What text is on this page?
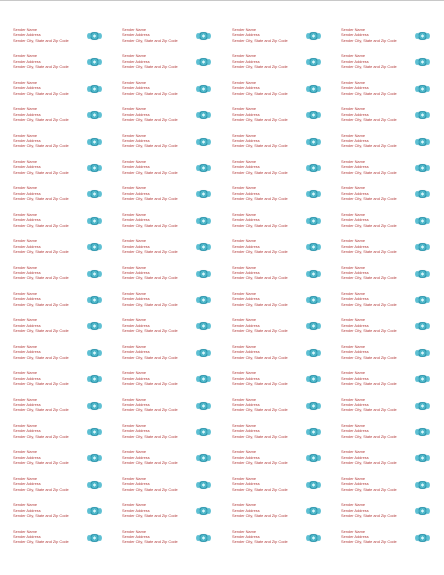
Sender Name
Sender Address
Sender City, State and Zip Code
Sender Name
Sender Address
Sender City, State and Zip Code
Sender Name
Sender Address
Sender City, State and Zip Code
Sender Name
Sender Address
Sender City, State and Zip Code
Sender Name
Sender Address
Sender City, State and Zip Code
Sender Name
Sender Address
Sender City, State and Zip Code
Sender Name
Sender Address
Sender City, State and Zip Code
Sender Name
Sender Address
Sender City, State and Zip Code
Sender Name
Sender Address
Sender City, State and Zip Code
Sender Name
Sender Address
Sender City, State and Zip Code
Sender Name
Sender Address
Sender City, State and Zip Code
Sender Name
Sender Address
Sender City, State and Zip Code
Sender Name
Sender Address
Sender City, State and Zip Code
Sender Name
Sender Address
Sender City, State and Zip Code
Sender Name
Sender Address
Sender City, State and Zip Code
Sender Name
Sender Address
Sender City, State and Zip Code
Sender Name
Sender Address
Sender City, State and Zip Code
Sender Name
Sender Address
Sender City, State and Zip Code
Sender Name
Sender Address
Sender City, State and Zip Code
Sender Name
Sender Address
Sender City, State and Zip Code
Sender Name
Sender Address
Sender City, State and Zip Code
Sender Name
Sender Address
Sender City, State and Zip Code
Sender Name
Sender Address
Sender City, State and Zip Code
Sender Name
Sender Address
Sender City, State and Zip Code
Sender Name
Sender Address
Sender City, State and Zip Code
Sender Name
Sender Address
Sender City, State and Zip Code
Sender Name
Sender Address
Sender City, State and Zip Code
Sender Name
Sender Address
Sender City, State and Zip Code
Sender Name
Sender Address
Sender City, State and Zip Code
Sender Name
Sender Address
Sender City, State and Zip Code
Sender Name
Sender Address
Sender City, State and Zip Code
Sender Name
Sender Address
Sender City, State and Zip Code
Sender Name
Sender Address
Sender City, State and Zip Code
Sender Name
Sender Address
Sender City, State and Zip Code
Sender Name
Sender Address
Sender City, State and Zip Code
Sender Name
Sender Address
Sender City, State and Zip Code
Sender Name
Sender Address
Sender City, State and Zip Code
Sender Name
Sender Address
Sender City, State and Zip Code
Sender Name
Sender Address
Sender City, State and Zip Code
Sender Name
Sender Address
Sender City, State and Zip Code
Sender Name
Sender Address
Sender City, State and Zip Code
Sender Name
Sender Address
Sender City, State and Zip Code
Sender Name
Sender Address
Sender City, State and Zip Code
Sender Name
Sender Address
Sender City, State and Zip Code
Sender Name
Sender Address
Sender City, State and Zip Code
Sender Name
Sender Address
Sender City, State and Zip Code
Sender Name
Sender Address
Sender City, State and Zip Code
Sender Name
Sender Address
Sender City, State and Zip Code
Sender Name
Sender Address
Sender City, State and Zip Code
Sender Name
Sender Address
Sender City, State and Zip Code
Sender Name
Sender Address
Sender City, State and Zip Code
Sender Name
Sender Address
Sender City, State and Zip Code
Sender Name
Sender Address
Sender City, State and Zip Code
Sender Name
Sender Address
Sender City, State and Zip Code
Sender Name
Sender Address
Sender City, State and Zip Code
Sender Name
Sender Address
Sender City, State and Zip Code
Sender Name
Sender Address
Sender City, State and Zip Code
Sender Name
Sender Address
Sender City, State and Zip Code
Sender Name
Sender Address
Sender City, State and Zip Code
Sender Name
Sender Address
Sender City, State and Zip Code
Sender Name
Sender Address
Sender City, State and Zip Code
Sender Name
Sender Address
Sender City, State and Zip Code
Sender Name
Sender Address
Sender City, State and Zip Code
Sender Name
Sender Address
Sender City, State and Zip Code
Sender Name
Sender Address
Sender City, State and Zip Code
Sender Name
Sender Address
Sender City, State and Zip Code
Sender Name
Sender Address
Sender City, State and Zip Code
Sender Name
Sender Address
Sender City, State and Zip Code
Sender Name
Sender Address
Sender City, State and Zip Code
Sender Name
Sender Address
Sender City, State and Zip Code
Sender Name
Sender Address
Sender City, State and Zip Code
Sender Name
Sender Address
Sender City, State and Zip Code
Sender Name
Sender Address
Sender City, State and Zip Code
Sender Name
Sender Address
Sender City, State and Zip Code
Sender Name
Sender Address
Sender City, State and Zip Code
Sender Name
Sender Address
Sender City, State and Zip Code
Sender Name
Sender Address
Sender City, State and Zip Code
Sender Name
Sender Address
Sender City, State and Zip Code
Sender Name
Sender Address
Sender City, State and Zip Code
Sender Name
Sender Address
Sender City, State and Zip Code
